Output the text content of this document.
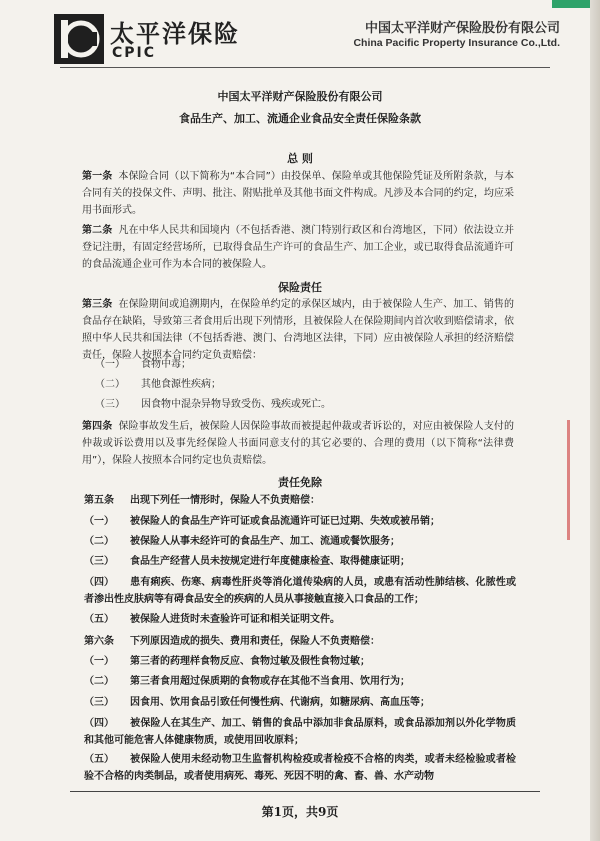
太平洋保险
CPIC
中国太平洋财产保险股份有限公司
China Pacific Property Insurance Co.,Ltd.
中国太平洋财产保险股份有限公司
食品生产、加工、流通企业食品安全责任保险条款
总 则
第一条 本保险合同（以下简称为“本合同”）由投保单、保险单或其他保险凭证及所附条款，与本合同有关的投保文件、声明、批注、附贴批单及其他书面文件构成。凡涉及本合同的约定，均应采用书面形式。
第二条 凡在中华人民共和国境内（不包括香港、澳门特别行政区和台湾地区，下同）依法设立并登记注册，有固定经营场所，已取得食品生产许可的食品生产、加工企业，或已取得食品流通许可的食品流通企业可作为本合同的被保险人。
保险责任
第三条 在保险期间或追溯期内，在保险单约定的承保区域内，由于被保险人生产、加工、销售的食品存在缺陷，导致第三者食用后出现下列情形，且被保险人在保险期间内首次收到赔偿请求，依照中华人民共和国法律（不包括香港、澳门、台湾地区法律，下同）应由被保险人承担的经济赔偿责任，保险人按照本合同约定负责赔偿：
（一） 食物中毒；
（二） 其他食源性疾病；
（三） 因食物中混杂异物导致受伤、残疾或死亡。
第四条 保险事故发生后，被保险人因保险事故而被提起仲裁或者诉讼的，对应由被保险人支付的仲裁或诉讼费用以及事先经保险人书面同意支付的其它必要的、合理的费用（以下简称“法律费用”），保险人按照本合同约定也负责赔偿。
责任免除
第五条 出现下列任一情形时，保险人不负责赔偿：
（一） 被保险人的食品生产许可证或食品流通许可证已过期、失效或被吊销；
（二） 被保险人从事未经许可的食品生产、加工、流通或餐饮服务；
（三） 食品生产经营人员未按规定进行年度健康检查、取得健康证明；
（四） 患有痢疾、伤寒、病毒性肝炎等消化道传染病的人员，或患有活动性肺结核、化脓性或者渗出性皮肤病等有碍食品安全的疾病的人员从事接触直接入口食品的工作；
（五） 被保险人进货时未查验许可证和相关证明文件。
第六条 下列原因造成的损失、费用和责任，保险人不负责赔偿：
（一） 第三者的药理样食物反应、食物过敏及假性食物过敏；
（二） 第三者食用超过保质期的食物或存在其他不当食用、饮用行为；
（三） 因食用、饮用食品引致任何慢性病、代谢病，如糖尿病、高血压等；
（四） 被保险人在其生产、加工、销售的食品中添加非食品原料，或食品添加剂以外化学物质和其他可能危害人体健康物质，或使用回收原料；
（五） 被保险人使用未经动物卫生监督机构检疫或者检疫不合格的肉类，或者未经检验或者检验不合格的肉类制品，或者使用病死、毒死、死因不明的禽、畜、兽、水产动物
第1页，共9页
